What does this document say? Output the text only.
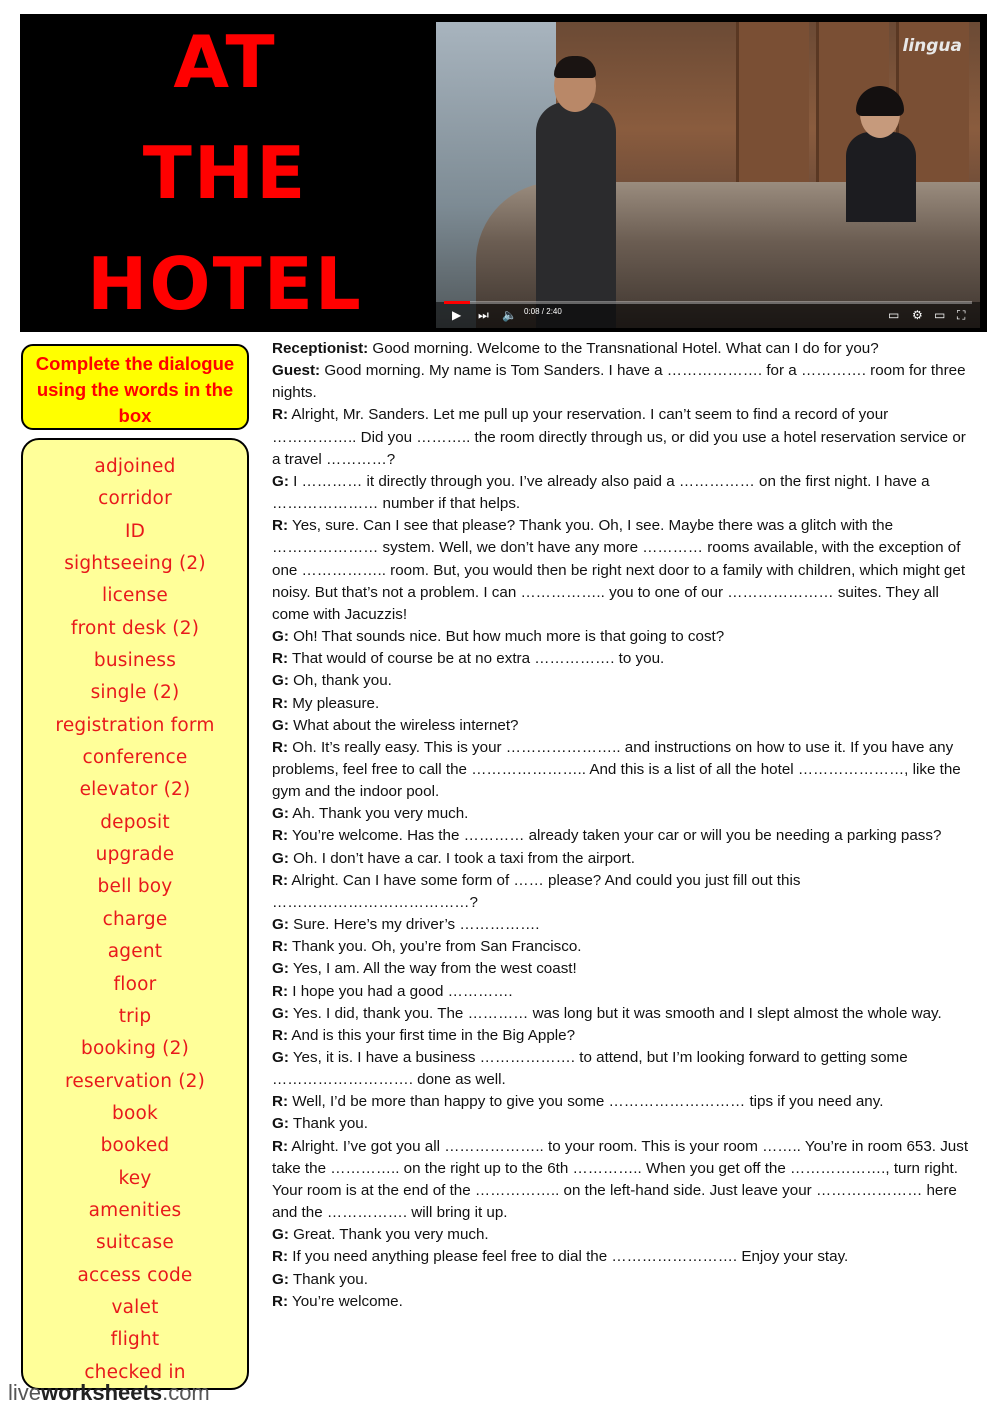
AT
THE
HOTEL
lingua
▶ ⏭ 🔈 0:08 / 2:40	▭ ⚙ ▭ ⛶
Complete the dialogue using the words in the box
adjoined
corridor
ID
sightseeing (2)
license
front desk (2)
business
single (2)
registration form
conference
elevator (2)
deposit
upgrade
bell boy
charge
agent
floor
trip
booking (2)
reservation (2)
book
booked
key
amenities
suitcase
access code
valet
flight
checked in

Receptionist: Good morning. Welcome to the Transnational Hotel. What can I do for you?

Guest: Good morning. My name is Tom Sanders. I have a ………………. for a …………. room for three nights.

R: Alright, Mr. Sanders. Let me pull up your reservation. I can’t seem to find a record of your …………….. Did you ……….. the room directly through us, or did you use a hotel reservation service or a travel …………?

G: I ………… it directly through you. I’ve already also paid a …………… on the first night. I have a ………………… number if that helps.

R: Yes, sure. Can I see that please? Thank you. Oh, I see. Maybe there was a glitch with the ………………… system. Well, we don’t have any more ………… rooms available, with the exception of one …………….. room. But, you would then be right next door to a family with children, which might get noisy. But that’s not a problem. I can …………….. you to one of our ………………… suites. They all come with Jacuzzis!

G: Oh! That sounds nice. But how much more is that going to cost?

R: That would of course be at no extra ……………. to you.

G: Oh, thank you.

R: My pleasure.

G: What about the wireless internet?

R: Oh. It’s really easy. This is your ………………….. and instructions on how to use it. If you have any problems, feel free to call the ………………….. And this is a list of all the hotel …………………, like the gym and the indoor pool.

G: Ah. Thank you very much.

R: You’re welcome. Has the ………… already taken your car or will you be needing a parking pass?

G: Oh. I don’t have a car. I took a taxi from the airport.

R: Alright. Can I have some form of …… please? And could you just fill out this …………………………………?

G: Sure. Here’s my driver’s …………….

R: Thank you. Oh, you’re from San Francisco.

G: Yes, I am. All the way from the west coast!

R: I hope you had a good ………….

G: Yes. I did, thank you. The ………… was long but it was smooth and I slept almost the whole way.

R: And is this your first time in the Big Apple?

G: Yes, it is. I have a business ………………. to attend, but I’m looking forward to getting some ………………………. done as well.

R: Well, I’d be more than happy to give you some ……………………… tips if you need any.

G: Thank you.

R: Alright. I’ve got you all ……………….. to your room. This is your room …….. You’re in room 653. Just take the ………….. on the right up to the 6th ………….. When you get off the ………………., turn right. Your room is at the end of the …………….. on the left-hand side. Just leave your ………………… here and the ……………. will bring it up.

G: Great. Thank you very much.

R: If you need anything please feel free to dial the ……………………. Enjoy your stay.

G: Thank you.

R: You’re welcome.

liveworksheets.com
